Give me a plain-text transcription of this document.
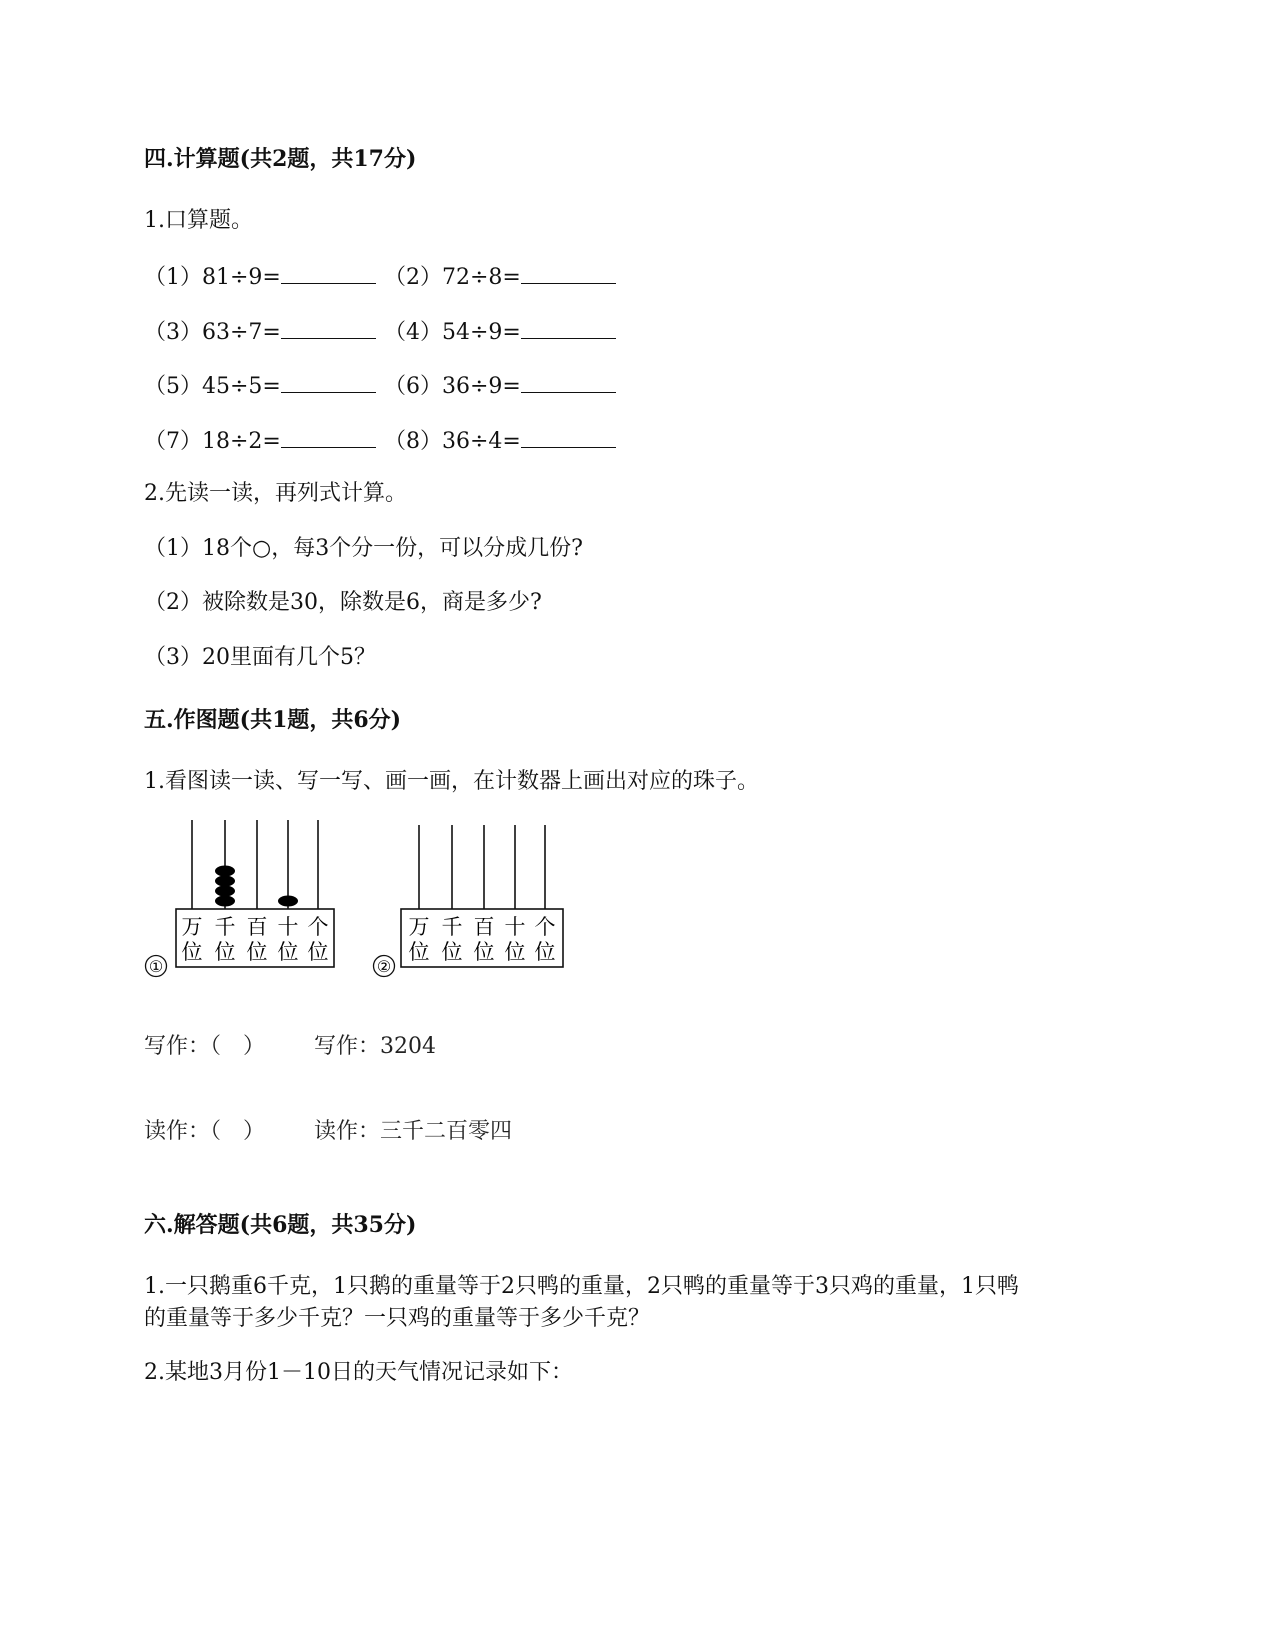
四.计算题(共2题，共17分)
1.口算题。
（1）81÷9=	（2）72÷8=
（3）63÷7=	（4）54÷9=
（5）45÷5=	（6）36÷9=
（7）18÷2=	（8）36÷4=
2.先读一读，再列式计算。
（1）18个○，每3个分一份，可以分成几份?
（2）被除数是30，除数是6，商是多少?
（3）20里面有几个5？
五.作图题(共1题，共6分)
1.看图读一读、写一写、画一画，在计数器上画出对应的珠子。
①
万
位
千
位
百
位
十
位
个
位
②
万
位
千
位
百
位
十
位
个
位
写作：（　） 写作：3204
读作：（　） 读作：三千二百零四
六.解答题(共6题，共35分)
1.一只鹅重6千克，1只鹅的重量等于2只鸭的重量，2只鸭的重量等于3只鸡的重量，1只鸭
的重量等于多少千克？一只鸡的重量等于多少千克？
2.某地3月份1－10日的天气情况记录如下：
